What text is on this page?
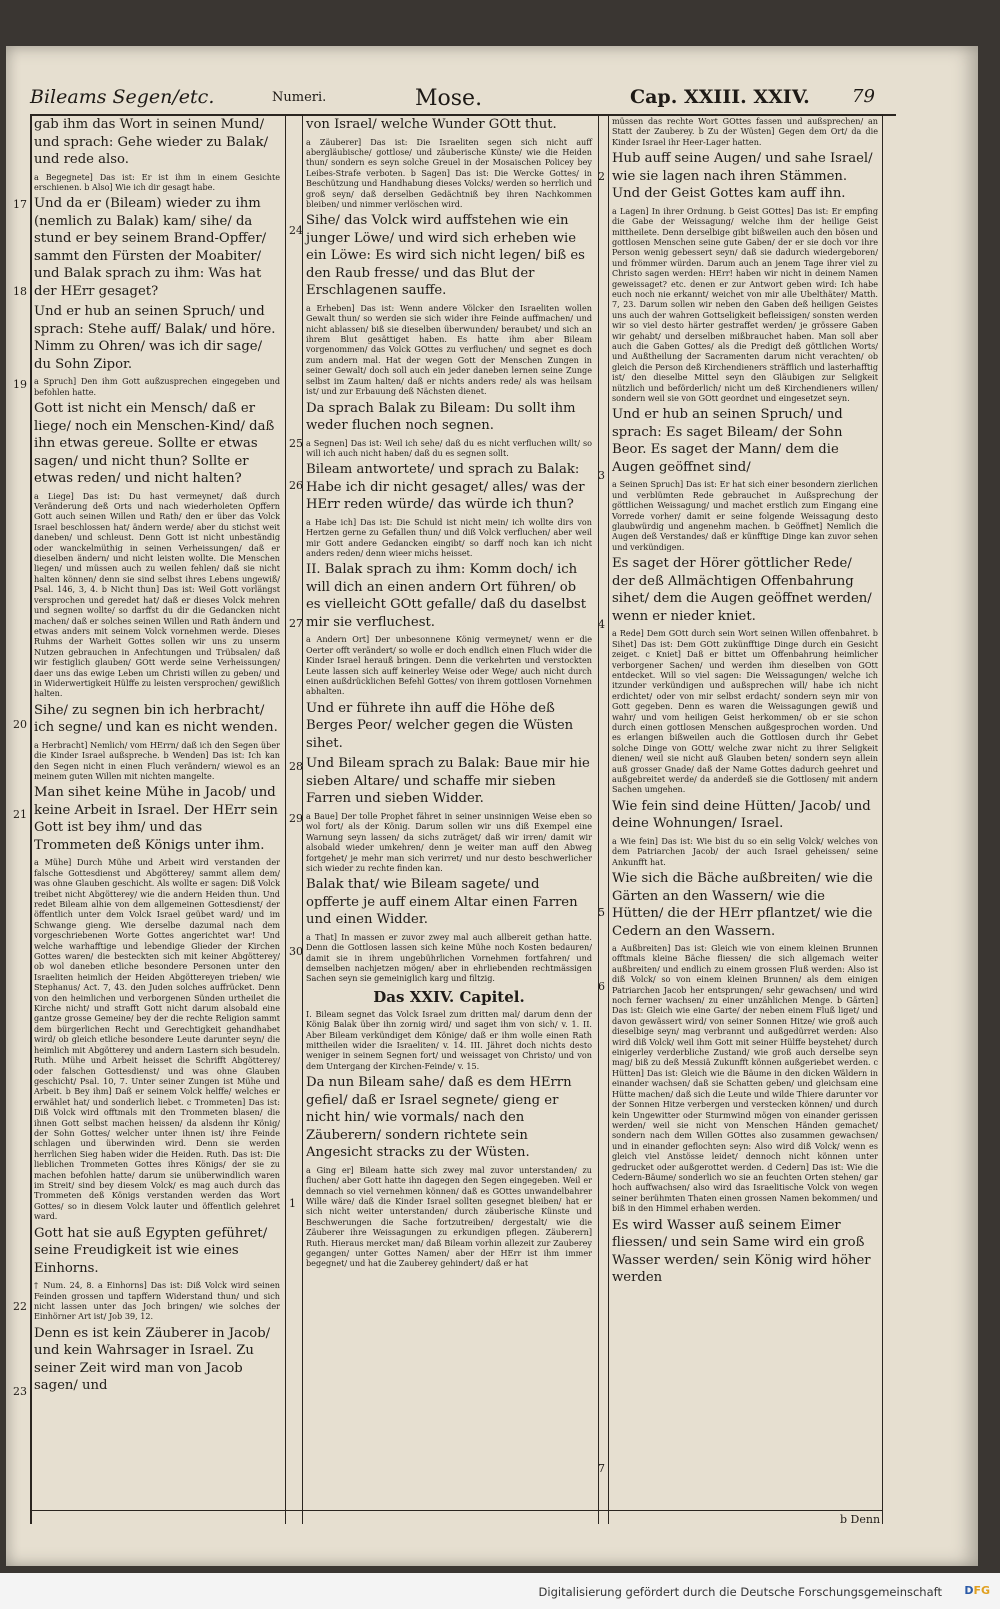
Bileams Segen/etc.	Numeri.	Mose.	Cap. XXIII. XXIV. 79
17
18
19
20
21
22
23
24
25
26
27
28
29
30
1
2
3
4
5
6
7

gab ihm das Wort in seinen Mund/ und sprach: Gehe wieder zu Balak/ und rede also.

a Begegnete] Das ist: Er ist ihm in einem Gesichte erschienen. b Also] Wie ich dir gesagt habe.

Und da er (Bileam) wieder zu ihm (nemlich zu Balak) kam/ sihe/ da stund er bey seinem Brand-Opffer/ sammt den Fürsten der Moabiter/ und Balak sprach zu ihm: Was hat der HErr gesaget?

Und er hub an seinen Spruch/ und sprach: Stehe auff/ Balak/ und höre. Nimm zu Ohren/ was ich dir sage/ du Sohn Zipor.

a Spruch] Den ihm Gott außzusprechen eingegeben und befohlen hatte.

Gott ist nicht ein Mensch/ daß er liege/ noch ein Menschen-Kind/ daß ihn etwas gereue. Sollte er etwas sagen/ und nicht thun? Sollte er etwas reden/ und nicht halten?

a Liege] Das ist: Du hast vermeynet/ daß durch Veränderung deß Orts und nach wiederholeten Opffern Gott auch seinen Willen und Rath/ den er über das Volck Israel beschlossen hat/ ändern werde/ aber du stichst weit daneben/ und schleust. Denn Gott ist nicht unbeständig oder wanckelmüthig in seinen Verheissungen/ daß er dieselben ändern/ und nicht leisten wollte. Die Menschen liegen/ und müssen auch zu weilen fehlen/ daß sie nicht halten können/ denn sie sind selbst ihres Lebens ungewiß/ Psal. 146, 3, 4. b Nicht thun] Das ist: Weil Gott vorlängst versprochen und geredet hat/ daß er dieses Volck mehren und segnen wollte/ so darffst du dir die Gedancken nicht machen/ daß er solches seinen Willen und Rath ändern und etwas anders mit seinem Volck vornehmen werde. Dieses Ruhms der Warheit Gottes sollen wir uns zu unserm Nutzen gebrauchen in Anfechtungen und Trübsalen/ daß wir festiglich glauben/ GOtt werde seine Verheissungen/ daer uns das ewige Leben um Christi willen zu geben/ und in Widerwertigkeit Hülffe zu leisten versprochen/ gewißlich halten.

Sihe/ zu segnen bin ich herbracht/ ich segne/ und kan es nicht wenden.

a Herbracht] Nemlich/ vom HErrn/ daß ich den Segen über die Kinder Israel außspreche. b Wenden] Das ist: Ich kan den Segen nicht in einen Fluch verändern/ wiewol es an meinem guten Willen mit nichten mangelte.

Man sihet keine Mühe in Jacob/ und keine Arbeit in Israel. Der HErr sein Gott ist bey ihm/ und das Trommeten deß Königs unter ihm.

a Mühe] Durch Mühe und Arbeit wird verstanden der falsche Gottesdienst und Abgötterey/ sammt allem dem/ was ohne Glauben geschicht. Als wollte er sagen: Diß Volck treibet nicht Abgötterey/ wie die andern Heiden thun. Und redet Bileam alhie von dem allgemeinen Gottesdienst/ der öffentlich unter dem Volck Israel geübet ward/ und im Schwange gieng. Wie derselbe dazumal nach dem vorgeschriebenen Worte Gottes angerichtet war! Und welche warhafftige und lebendige Glieder der Kirchen Gottes waren/ die besteckten sich mit keiner Abgötterey/ ob wol daneben etliche besondere Personen unter den Israeliten heimlich der Heiden Abgöttereyen trieben/ wie Stephanus/ Act. 7, 43. den Juden solches auffrücket. Denn von den heimlichen und verborgenen Sünden urtheilet die Kirche nicht/ und strafft Gott nicht darum alsobald eine gantze grosse Gemeine/ bey der die rechte Religion sammt dem bürgerlichen Recht und Gerechtigkeit gehandhabet wird/ ob gleich etliche besondere Leute darunter seyn/ die heimlich mit Abgötterey und andern Lastern sich besudeln. Ruth. Mühe und Arbeit heisset die Schrifft Abgötterey/ oder falschen Gottesdienst/ und was ohne Glauben geschicht/ Psal. 10, 7. Unter seiner Zungen ist Mühe und Arbeit. b Bey ihm] Daß er seinem Volck helffe/ welches er erwählet hat/ und sonderlich liebet. c Trommeten] Das ist: Diß Volck wird offtmals mit den Trommeten blasen/ die ihnen Gott selbst machen heissen/ da alsdenn ihr König/ der Sohn Gottes/ welcher unter ihnen ist/ ihre Feinde schlagen und überwinden wird. Denn sie werden herrlichen Sieg haben wider die Heiden. Ruth. Das ist: Die lieblichen Trommeten Gottes ihres Königs/ der sie zu machen befohlen hatte/ darum sie unüberwindlich waren im Streit/ sind bey diesem Volck/ es mag auch durch das Trommeten deß Königs verstanden werden das Wort Gottes/ so in diesem Volck lauter und öffentlich gelehret ward.

Gott hat sie auß Egypten geführet/ seine Freudigkeit ist wie eines Einhorns.

† Num. 24, 8. a Einhorns] Das ist: Diß Volck wird seinen Feinden grossen und tapffern Widerstand thun/ und sich nicht lassen unter das Joch bringen/ wie solches der Einhörner Art ist/ Job 39, 12.

Denn es ist kein Zäuberer in Jacob/ und kein Wahrsager in Israel. Zu seiner Zeit wird man von Jacob sagen/ und

von Israel/ welche Wunder GOtt thut.

a Zäuberer] Das ist: Die Israeliten segen sich nicht auff abergläubische/ gottlose/ und zäuberische Künste/ wie die Heiden thun/ sondern es seyn solche Greuel in der Mosaischen Policey bey Leibes-Strafe verboten. b Sagen] Das ist: Die Wercke Gottes/ in Beschützung und Handhabung dieses Volcks/ werden so herrlich und groß seyn/ daß derselben Gedächtniß bey ihren Nachkommen bleiben/ und nimmer verlöschen wird.

Sihe/ das Volck wird auffstehen wie ein junger Löwe/ und wird sich erheben wie ein Löwe: Es wird sich nicht legen/ biß es den Raub fresse/ und das Blut der Erschlagenen sauffe.

a Erheben] Das ist: Wenn andere Völcker den Israeliten wollen Gewalt thun/ so werden sie sich wider ihre Feinde auffmachen/ und nicht ablassen/ biß sie dieselben überwunden/ beraubet/ und sich an ihrem Blut gesättiget haben. Es hatte ihm aber Bileam vorgenommen/ das Volck GOttes zu verfluchen/ und segnet es doch zum andern mal. Hat der wegen Gott der Menschen Zungen in seiner Gewalt/ doch soll auch ein jeder daneben lernen seine Zunge selbst im Zaum halten/ daß er nichts anders rede/ als was heilsam ist/ und zur Erbauung deß Nächsten dienet.

Da sprach Balak zu Bileam: Du sollt ihm weder fluchen noch segnen.

a Segnen] Das ist: Weil ich sehe/ daß du es nicht verfluchen willt/ so will ich auch nicht haben/ daß du es segnen sollt.

Bileam antwortete/ und sprach zu Balak: Habe ich dir nicht gesaget/ alles/ was der HErr reden würde/ das würde ich thun?

a Habe ich] Das ist: Die Schuld ist nicht mein/ ich wollte dirs von Hertzen gerne zu Gefallen thun/ und diß Volck verfluchen/ aber weil mir Gott andere Gedancken eingibt/ so darff noch kan ich nicht anders reden/ denn wieer michs heisset.

II. Balak sprach zu ihm: Komm doch/ ich will dich an einen andern Ort führen/ ob es vielleicht GOtt gefalle/ daß du daselbst mir sie verfluchest.

a Andern Ort] Der unbesonnene König vermeynet/ wenn er die Oerter offt verändert/ so wolle er doch endlich einen Fluch wider die Kinder Israel herauß bringen. Denn die verkehrten und verstockten Leute lassen sich auff keinerley Weise oder Wege/ auch nicht durch einen außdrücklichen Befehl Gottes/ von ihrem gottlosen Vornehmen abhalten.

Und er führete ihn auff die Höhe deß Berges Peor/ welcher gegen die Wüsten sihet.

Und Bileam sprach zu Balak: Baue mir hie sieben Altare/ und schaffe mir sieben Farren und sieben Widder.

a Baue] Der tolle Prophet fähret in seiner unsinnigen Weise eben so wol fort/ als der König. Darum sollen wir uns diß Exempel eine Warnung seyn lassen/ da sichs zuträget/ daß wir irren/ damit wir alsobald wieder umkehren/ denn je weiter man auff den Abweg fortgehet/ je mehr man sich verirret/ und nur desto beschwerlicher sich wieder zu rechte finden kan.

Balak that/ wie Bileam sagete/ und opfferte je auff einem Altar einen Farren und einen Widder.

a That] In massen er zuvor zwey mal auch allbereit gethan hatte. Denn die Gottlosen lassen sich keine Mühe noch Kosten bedauren/ damit sie in ihrem ungebührlichen Vornehmen fortfahren/ und demselben nachjetzen mögen/ aber in ehrliebenden rechtmässigen Sachen seyn sie gemeiniglich karg und filtzig.

Das XXIV. Capitel.

I. Bileam segnet das Volck Israel zum dritten mal/ darum denn der König Balak über ihn zornig wird/ und saget ihm von sich/ v. 1. II. Aber Bileam verkündiget dem Könige/ daß er ihm wolle einen Rath mittheilen wider die Israeliten/ v. 14. III. Jähret doch nichts desto weniger in seinem Segnen fort/ und weissaget von Christo/ und von dem Untergang der Kirchen-Feinde/ v. 15.

Da nun Bileam sahe/ daß es dem HErrn gefiel/ daß er Israel segnete/ gieng er nicht hin/ wie vormals/ nach den Zäuberern/ sondern richtete sein Angesicht stracks zu der Wüsten.

a Ging er] Bileam hatte sich zwey mal zuvor unterstanden/ zu fluchen/ aber Gott hatte ihn dagegen den Segen eingegeben. Weil er demnach so viel vernehmen können/ daß es GOttes unwandelbahrer Wille wäre/ daß die Kinder Israel sollten gesegnet bleiben/ hat er sich nicht weiter unterstanden/ durch zäuberische Künste und Beschwerungen die Sache fortzutreiben/ dergestalt/ wie die Zäuberer ihre Weissagungen zu erkundigen pflegen. Zäuberern] Ruth. Hieraus mercket man/ daß Bileam vorhin allezeit zur Zauberey gegangen/ unter Gottes Namen/ aber der HErr ist ihm immer begegnet/ und hat die Zauberey gehindert/ daß er hat

müssen das rechte Wort GOttes fassen und außsprechen/ an Statt der Zauberey. b Zu der Wüsten] Gegen dem Ort/ da die Kinder Israel ihr Heer-Lager hatten.

Hub auff seine Augen/ und sahe Israel/ wie sie lagen nach ihren Stämmen. Und der Geist Gottes kam auff ihn.

a Lagen] In ihrer Ordnung. b Geist GOttes] Das ist: Er empfing die Gabe der Weissagung/ welche ihm der heilige Geist mittheilete. Denn derselbige gibt bißweilen auch den bösen und gottlosen Menschen seine gute Gaben/ der er sie doch vor ihre Person wenig gebessert seyn/ daß sie dadurch wiedergeboren/ und frömmer würden. Darum auch an jenem Tage ihrer viel zu Christo sagen werden: HErr! haben wir nicht in deinem Namen geweissaget? etc. denen er zur Antwort geben wird: Ich habe euch noch nie erkannt/ weichet von mir alle Ubelthäter/ Matth. 7, 23. Darum sollen wir neben den Gaben deß heiligen Geistes uns auch der wahren Gottseligkeit befleissigen/ sonsten werden wir so viel desto härter gestraffet werden/ je grössere Gaben wir gehabt/ und derselben mißbrauchet haben. Man soll aber auch die Gaben Gottes/ als die Predigt deß göttlichen Worts/ und Außtheilung der Sacramenten darum nicht verachten/ ob gleich die Person deß Kirchendieners sträfflich und lasterhafftig ist/ den dieselbe Mittel seyn den Gläubigen zur Seligkeit nützlich und beförderlich/ nicht um deß Kirchendieners willen/ sondern weil sie von GOtt geordnet und eingesetzet seyn.

Und er hub an seinen Spruch/ und sprach: Es saget Bileam/ der Sohn Beor. Es saget der Mann/ dem die Augen geöffnet sind/

a Seinen Spruch] Das ist: Er hat sich einer besondern zierlichen und verblümten Rede gebrauchet in Außsprechung der göttlichen Weissagung/ und machet erstlich zum Eingang eine Vorrede vorher/ damit er seine folgende Weissagung desto glaubwürdig und angenehm machen. b Geöffnet] Nemlich die Augen deß Verstandes/ daß er künfftige Dinge kan zuvor sehen und verkündigen.

Es saget der Hörer göttlicher Rede/ der deß Allmächtigen Offenbahrung sihet/ dem die Augen geöffnet werden/ wenn er nieder kniet.

a Rede] Dem GOtt durch sein Wort seinen Willen offenbahret. b Sihet] Das ist: Dem GOtt zukünfftige Dinge durch ein Gesicht zeiget. c Kniet] Daß er bittet um Offenbahrung heimlicher verborgener Sachen/ und werden ihm dieselben von GOtt entdecket. Will so viel sagen: Die Weissagungen/ welche ich itzunder verkündigen und außsprechen will/ habe ich nicht erdichtet/ oder von mir selbst erdacht/ sondern seyn mir von Gott gegeben. Denn es waren die Weissagungen gewiß und wahr/ und vom heiligen Geist herkommen/ ob er sie schon durch einen gottlosen Menschen außgesprochen worden. Und es erlangen bißweilen auch die Gottlosen durch ihr Gebet solche Dinge von GOtt/ welche zwar nicht zu ihrer Seligkeit dienen/ weil sie nicht auß Glauben beten/ sondern seyn allein auß grosser Gnade/ daß der Name Gottes dadurch geehret und außgebreitet werde/ da anderdeß sie die Gottlosen/ mit andern Sachen umgehen.

Wie fein sind deine Hütten/ Jacob/ und deine Wohnungen/ Israel.

a Wie fein] Das ist: Wie bist du so ein selig Volck/ welches von dem Patriarchen Jacob/ der auch Israel geheissen/ seine Ankunfft hat.

Wie sich die Bäche außbreiten/ wie die Gärten an den Wassern/ wie die Hütten/ die der HErr pflantzet/ wie die Cedern an den Wassern.

a Außbreiten] Das ist: Gleich wie von einem kleinen Brunnen offtmals kleine Bäche fliessen/ die sich allgemach weiter außbreiten/ und endlich zu einem grossen Fluß werden: Also ist diß Volck/ so von einem kleinen Brunnen/ als dem einigen Patriarchen Jacob her entsprungen/ sehr gewachsen/ und wird noch ferner wachsen/ zu einer unzählichen Menge. b Gärten] Das ist: Gleich wie eine Garte/ der neben einem Fluß liget/ und davon gewässert wird/ von seiner Sonnen Hitze/ wie groß auch dieselbige seyn/ mag verbrannt und außgedürret werden: Also wird diß Volck/ weil ihm Gott mit seiner Hülffe beystehet/ durch einigerley verderbliche Zustand/ wie groß auch derselbe seyn mag/ biß zu deß Messiä Zukunfft können außgeriebet werden. c Hütten] Das ist: Gleich wie die Bäume in den dicken Wäldern in einander wachsen/ daß sie Schatten geben/ und gleichsam eine Hütte machen/ daß sich die Leute und wilde Thiere darunter vor der Sonnen Hitze verbergen und verstecken können/ und durch kein Ungewitter oder Sturmwind mögen von einander gerissen werden/ weil sie nicht von Menschen Händen gemachet/ sondern nach dem Willen GOttes also zusammen gewachsen/ und in einander geflochten seyn: Also wird diß Volck/ wenn es gleich viel Anstösse leidet/ dennoch nicht können unter gedrucket oder außgerottet werden. d Cedern] Das ist: Wie die Cedern-Bäume/ sonderlich wo sie an feuchten Orten stehen/ gar hoch auffwachsen/ also wird das Israelitische Volck von wegen seiner berühmten Thaten einen grossen Namen bekommen/ und biß in den Himmel erhaben werden.

Es wird Wasser auß seinem Eimer fliessen/ und sein Same wird ein groß Wasser werden/ sein König wird höher werden

b Denn
Digitalisierung gefördert durch die Deutsche Forschungsgemeinschaft DFG
